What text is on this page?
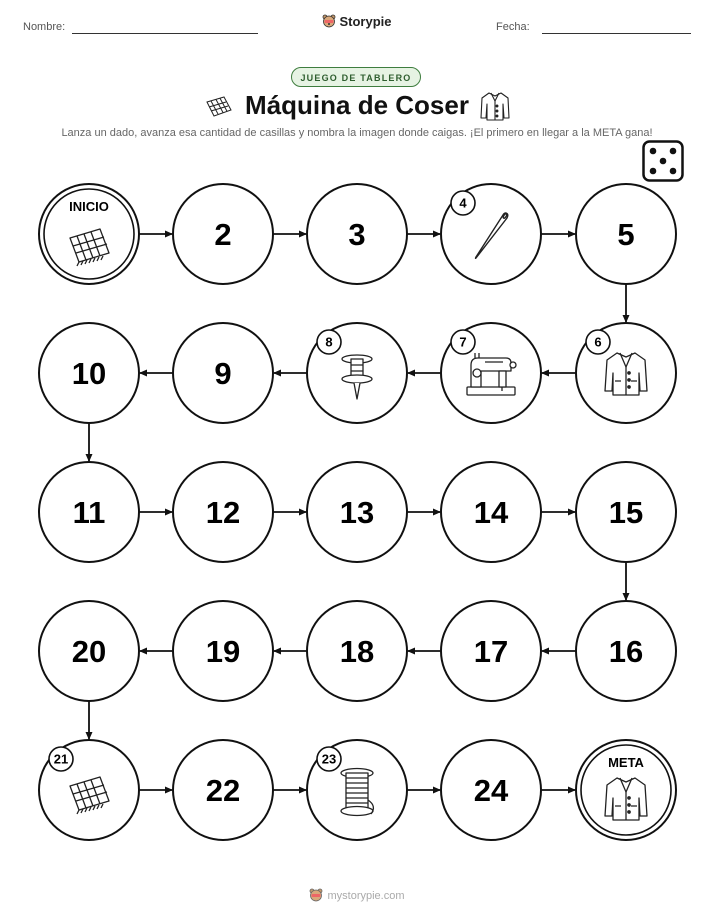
Nombre:	Storypie	Fecha:
JUEGO DE TABLERO
Máquina de Coser
Lanza un dado, avanza esa cantidad de casillas y nombra la imagen donde caigas. ¡El primero en llegar a la META gana!
INICIO
2	3
4
5
6
7
8
9
10
11	12	13	14	15
16
17
18
19
20
21
22
23
24
META
mystorypie.com
